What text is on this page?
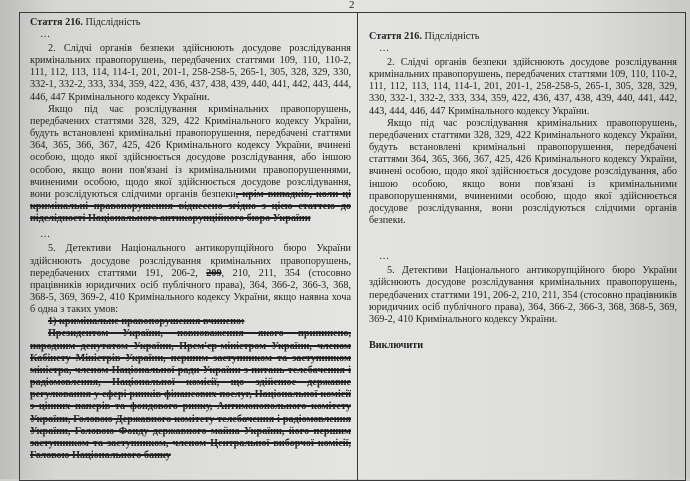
2
Стаття 216. Підслідність
…

2. Слідчі органів безпеки здійснюють досудове розслідування кримінальних правопорушень, передбачених статтями 109, 110, 110-2, 111, 112, 113, 114, 114-1, 201, 201-1, 258-258-5, 265-1, 305, 328, 329, 330, 332-1, 332-2, 333, 334, 359, 422, 436, 437, 438, 439, 440, 441, 442, 443, 444, 446, 447 Кримінального кодексу України.

Якщо під час розслідування кримінальних правопорушень, передбачених статтями 328, 329, 422 Кримінального кодексу України, будуть встановлені кримінальні правопорушення, передбачені статтями 364, 365, 366, 367, 425, 426 Кримінального кодексу України, вчинені особою, щодо якої здійснюється досудове розслідування, або іншою особою, якщо вони пов'язані із кримінальними правопорушеннями, вчиненими особою, щодо якої здійснюється досудове розслідування, вони розслідуються слідчими органів безпеки, крім випадків, коли ці кримінальні правопорушення віднесено згідно з цією статтею до підслідності Національного антикорупційного бюро України

…

5. Детективи Національного антикорупційного бюро України здійснюють досудове розслідування кримінальних правопорушень, передбачених статтями 191, 206-2, 209, 210, 211, 354 (стосовно працівників юридичних осіб публічного права), 364, 366-2, 366-3, 368, 368-5, 369, 369-2, 410 Кримінального кодексу України, якщо наявна хоча б одна з таких умов:

1) кримінальне правопорушення вчинено:

Президентом України, повноваження якого припинено, народним депутатом України, Прем'єр-міністром України, членом Кабінету Міністрів України, першим заступником та заступником міністра, членом Національної ради України з питань телебачення і радіомовлення, Національної комісії, що здійснює державне регулювання у сфері ринків фінансових послуг, Національної комісії з цінних паперів та фондового ринку, Антимонопольного комітету України, Головою Державного комітету телебачення і радіомовлення України, Головою Фонду державного майна України, його першим заступником та заступником, членом Центральної виборчої комісії, Головою Національного банку

Стаття 216. Підслідність
…

2. Слідчі органів безпеки здійснюють досудове розслідування кримінальних правопорушень, передбачених статтями 109, 110, 110-2, 111, 112, 113, 114, 114-1, 201, 201-1, 258-258-5, 265-1, 305, 328, 329, 330, 332-1, 332-2, 333, 334, 359, 422, 436, 437, 438, 439, 440, 441, 442, 443, 444, 446, 447 Кримінального кодексу України.

Якщо під час розслідування кримінальних правопорушень, передбачених статтями 328, 329, 422 Кримінального кодексу України, будуть встановлені кримінальні правопорушення, передбачені статтями 364, 365, 366, 367, 425, 426 Кримінального кодексу України, вчинені особою, щодо якої здійснюється досудове розслідування, або іншою особою, якщо вони пов'язані із кримінальними правопорушеннями, вчиненими особою, щодо якої здійснюється досудове розслідування, вони розслідуються слідчими органів безпеки.

…

5. Детективи Національного антикорупційного бюро України здійснюють досудове розслідування кримінальних правопорушень, передбачених статтями 191, 206-2, 210, 211, 354 (стосовно працівників юридичних осіб публічного права), 364, 366-2, 366-3, 368, 368-5, 369, 369-2, 410 Кримінального кодексу України.

Виключити
